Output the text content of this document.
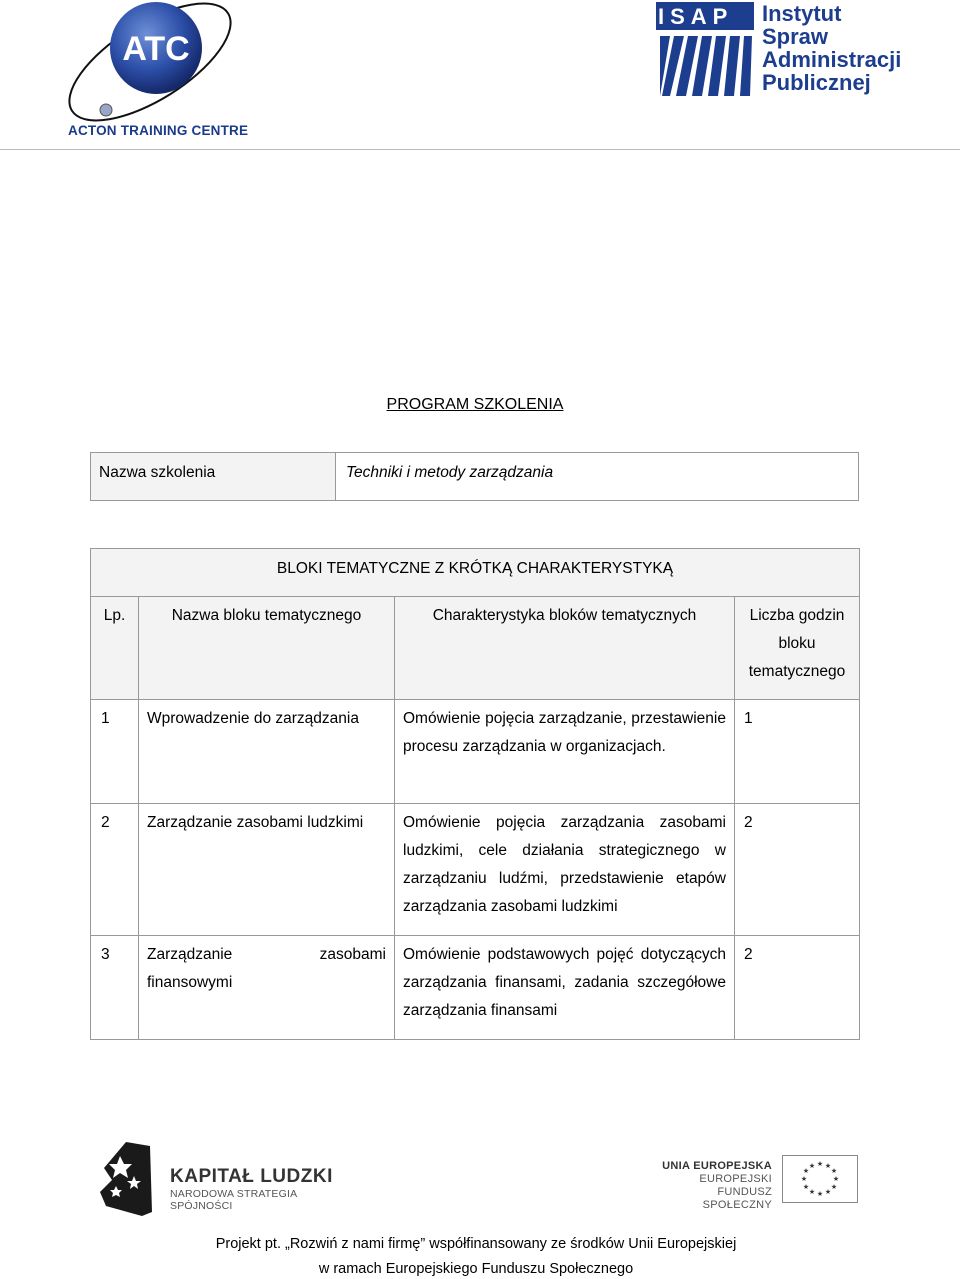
ATC
ACTON TRAINING CENTRE
ISAP Instytut
Spraw
Administracji
Publicznej
PROGRAM SZKOLENIA
Nazwa szkolenia	Techniki i metody zarządzania
BLOKI TEMATYCZNE Z KRÓTKĄ CHARAKTERYSTYKĄ			
Lp.	Nazwa bloku tematycznego	Charakterystyka bloków tematycznych	Liczba godzin bloku tematycznego
1	Wprowadzenie do zarządzania	Omówienie pojęcia zarządzanie, przestawienie procesu zarządzania w organizacjach.	1
2	Zarządzanie zasobami ludzkimi	Omówienie pojęcia zarządzania zasobami ludzkimi, cele działania strategicznego w zarządzaniu ludźmi, przedstawienie etapów zarządzania zasobami ludzkimi	2
3	Zarządzanie zasobami finansowymi	Omówienie podstawowych pojęć dotyczących zarządzania finansami, zadania szczegółowe zarządzania finansami	2
KAPITAŁ LUDZKI
NARODOWA STRATEGIA SPÓJNOŚCI
UNIA EUROPEJSKA
EUROPEJSKI
FUNDUSZ SPOŁECZNY
★ ★
★
★
★
★
★
★
★
★
★
★
Projekt pt. „Rozwiń z nami firmę” współfinansowany ze środków Unii Europejskiej
w ramach Europejskiego Funduszu Społecznego
